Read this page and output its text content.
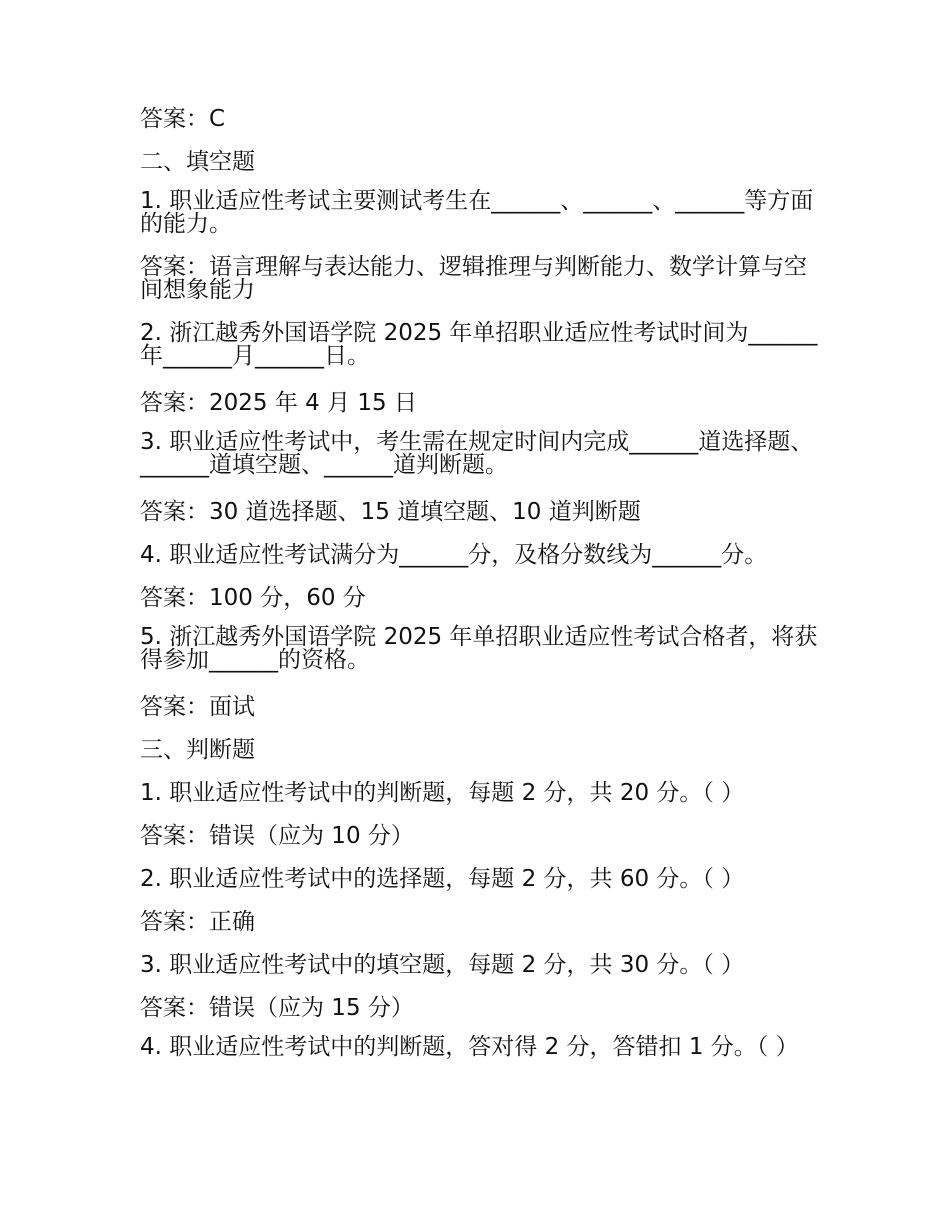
答案：C
二、填空题
1. 职业适应性考试主要测试考生在______、______、______等方面的能力。
答案：语言理解与表达能力、逻辑推理与判断能力、数学计算与空间想象能力
2. 浙江越秀外国语学院 2025 年单招职业适应性考试时间为______年______月______日。
答案：2025 年 4 月 15 日
3. 职业适应性考试中，考生需在规定时间内完成______道选择题、______道填空题、______道判断题。
答案：30 道选择题、15 道填空题、10 道判断题
4. 职业适应性考试满分为______分，及格分数线为______分。
答案：100 分，60 分
5. 浙江越秀外国语学院 2025 年单招职业适应性考试合格者，将获得参加______的资格。
答案：面试
三、判断题
1. 职业适应性考试中的判断题，每题 2 分，共 20 分。（ ）
答案：错误（应为 10 分）
2. 职业适应性考试中的选择题，每题 2 分，共 60 分。（ ）
答案：正确
3. 职业适应性考试中的填空题，每题 2 分，共 30 分。（ ）
答案：错误（应为 15 分）
4. 职业适应性考试中的判断题，答对得 2 分，答错扣 1 分。（ ）
